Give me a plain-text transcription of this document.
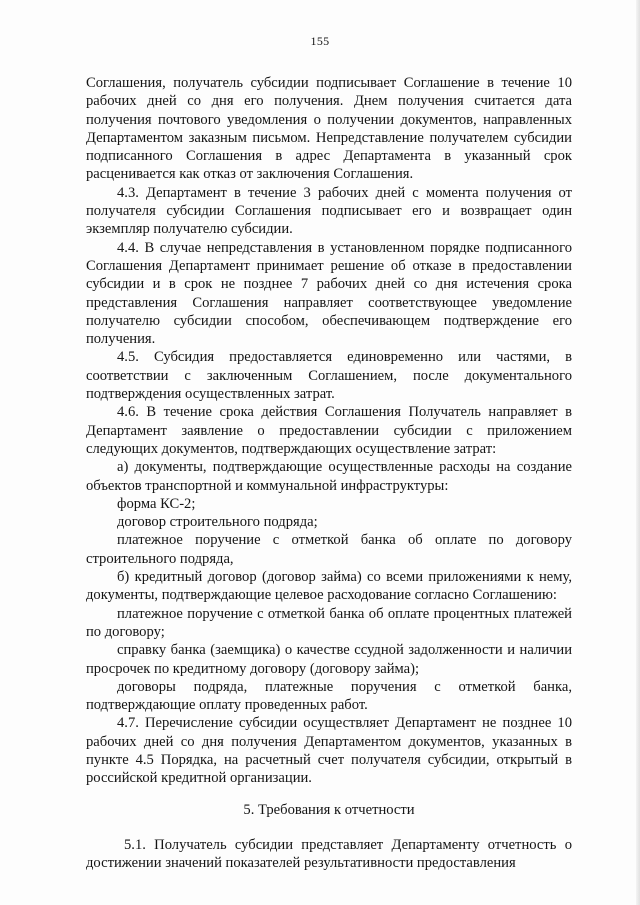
155

Соглашения, получатель субсидии подписывает Соглашение в течение 10 рабочих дней со дня его получения. Днем получения считается дата получения почтового уведомления о получении документов, направленных Департаментом заказным письмом. Непредставление получателем субсидии подписанного Соглашения в адрес Департамента в указанный срок расценивается как отказ от заключения Соглашения.

4.3. Департамент в течение 3 рабочих дней с момента получения от получателя субсидии Соглашения подписывает его и возвращает один экземпляр получателю субсидии.

4.4. В случае непредставления в установленном порядке подписанного Соглашения Департамент принимает решение об отказе в предоставлении субсидии и в срок не позднее 7 рабочих дней со дня истечения срока представления Соглашения направляет соответствующее уведомление получателю субсидии способом, обеспечивающем подтверждение его получения.

4.5. Субсидия предоставляется единовременно или частями, в соответствии с заключенным Соглашением, после документального подтверждения осуществленных затрат.

4.6. В течение срока действия Соглашения Получатель направляет в Департамент заявление о предоставлении субсидии с приложением следующих документов, подтверждающих осуществление затрат:

а) документы, подтверждающие осуществленные расходы на создание объектов транспортной и коммунальной инфраструктуры:

форма КС-2;

договор строительного подряда;

платежное поручение с отметкой банка об оплате по договору строительного подряда,

б) кредитный договор (договор займа) со всеми приложениями к нему, документы, подтверждающие целевое расходование согласно Соглашению:

платежное поручение с отметкой банка об оплате процентных платежей по договору;

справку банка (заемщика) о качестве ссудной задолженности и наличии просрочек по кредитному договору (договору займа);

договоры подряда, платежные поручения с отметкой банка, подтверждающие оплату проведенных работ.

4.7. Перечисление субсидии осуществляет Департамент не позднее 10 рабочих дней со дня получения Департаментом документов, указанных в пункте 4.5 Порядка, на расчетный счет получателя субсидии, открытый в российской кредитной организации.

5. Требования к отчетности

5.1. Получатель субсидии представляет Департаменту отчетность о достижении значений показателей результативности предоставления
